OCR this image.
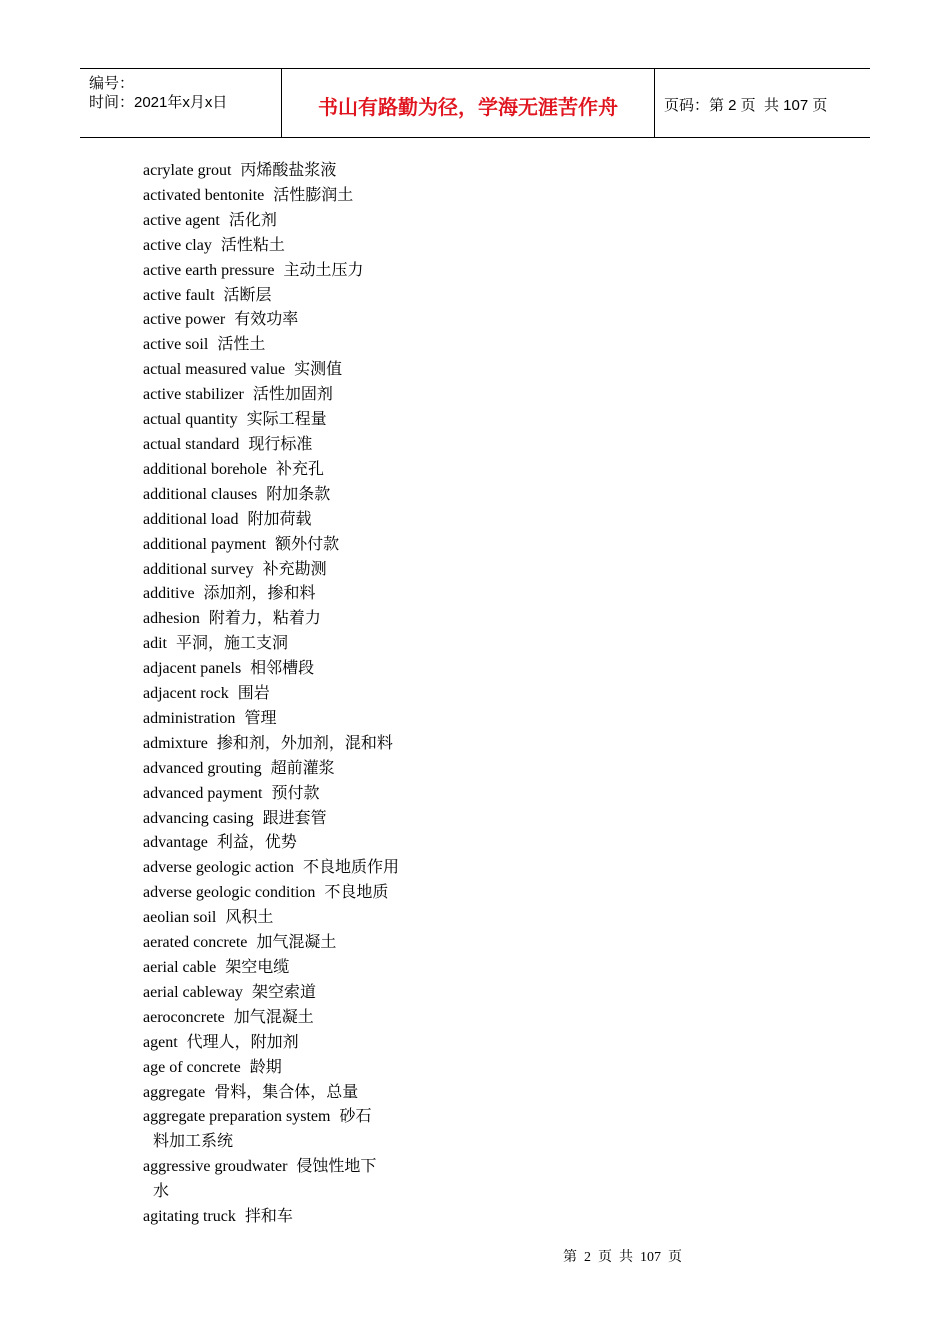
编号：
时间：2021年x月x日	书山有路勤为径，学海无涯苦作舟	页码：第 2 页  共 107 页
acrylate grout 丙烯酸盐浆液
activated bentonite 活性膨润土
active agent 活化剂
active clay 活性粘土
active earth pressure 主动土压力
active fault 活断层
active power 有效功率
active soil 活性土
actual measured value 实测值
active stabilizer 活性加固剂
actual quantity 实际工程量
actual standard 现行标准
additional borehole 补充孔
additional clauses 附加条款
additional load 附加荷载
additional payment 额外付款
additional survey 补充勘测
additive 添加剂，掺和料
adhesion 附着力，粘着力
adit 平洞，施工支洞
adjacent panels 相邻槽段
adjacent rock 围岩
administration 管理
admixture 掺和剂，外加剂，混和料
advanced grouting 超前灌浆
advanced payment 预付款
advancing casing 跟进套管
advantage 利益，优势
adverse geologic action 不良地质作用
adverse geologic condition 不良地质
aeolian soil 风积土
aerated concrete 加气混凝土
aerial cable 架空电缆
aerial cableway 架空索道
aeroconcrete 加气混凝土
agent 代理人，附加剂
age of concrete 龄期
aggregate 骨料，集合体，总量
aggregate preparation system 砂石
料加工系统
aggressive groudwater 侵蚀性地下
水
agitating truck 拌和车
第  2  页  共  107  页
